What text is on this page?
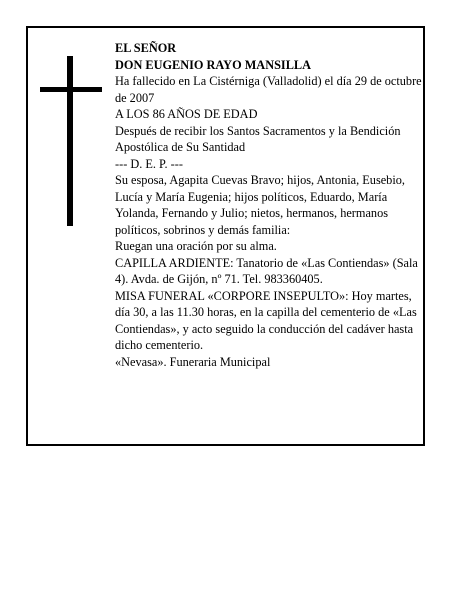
EL SEÑOR

DON EUGENIO RAYO MANSILLA

Ha fallecido en La Cistérniga (Valladolid) el día 29 de octubre de 2007

A LOS 86 AÑOS DE EDAD

Después de recibir los Santos Sacramentos y la Bendición Apostólica de Su Santidad

--- D. E. P. ---

Su esposa, Agapita Cuevas Bravo; hijos, Antonia, Eusebio, Lucía y María Eugenia; hijos políticos, Eduardo, María Yolanda, Fernando y Julio; nietos, hermanos, hermanos políticos, sobrinos y demás familia:

Ruegan una oración por su alma.

CAPILLA ARDIENTE: Tanatorio de «Las Contiendas» (Sala 4). Avda. de Gijón, nº 71. Tel. 983360405.

MISA FUNERAL «CORPORE INSEPULTO»: Hoy martes, día 30, a las 11.30 horas, en la capilla del cementerio de «Las Contiendas», y acto seguido la conducción del cadáver hasta dicho cementerio.

«Nevasa». Funeraria Municipal
